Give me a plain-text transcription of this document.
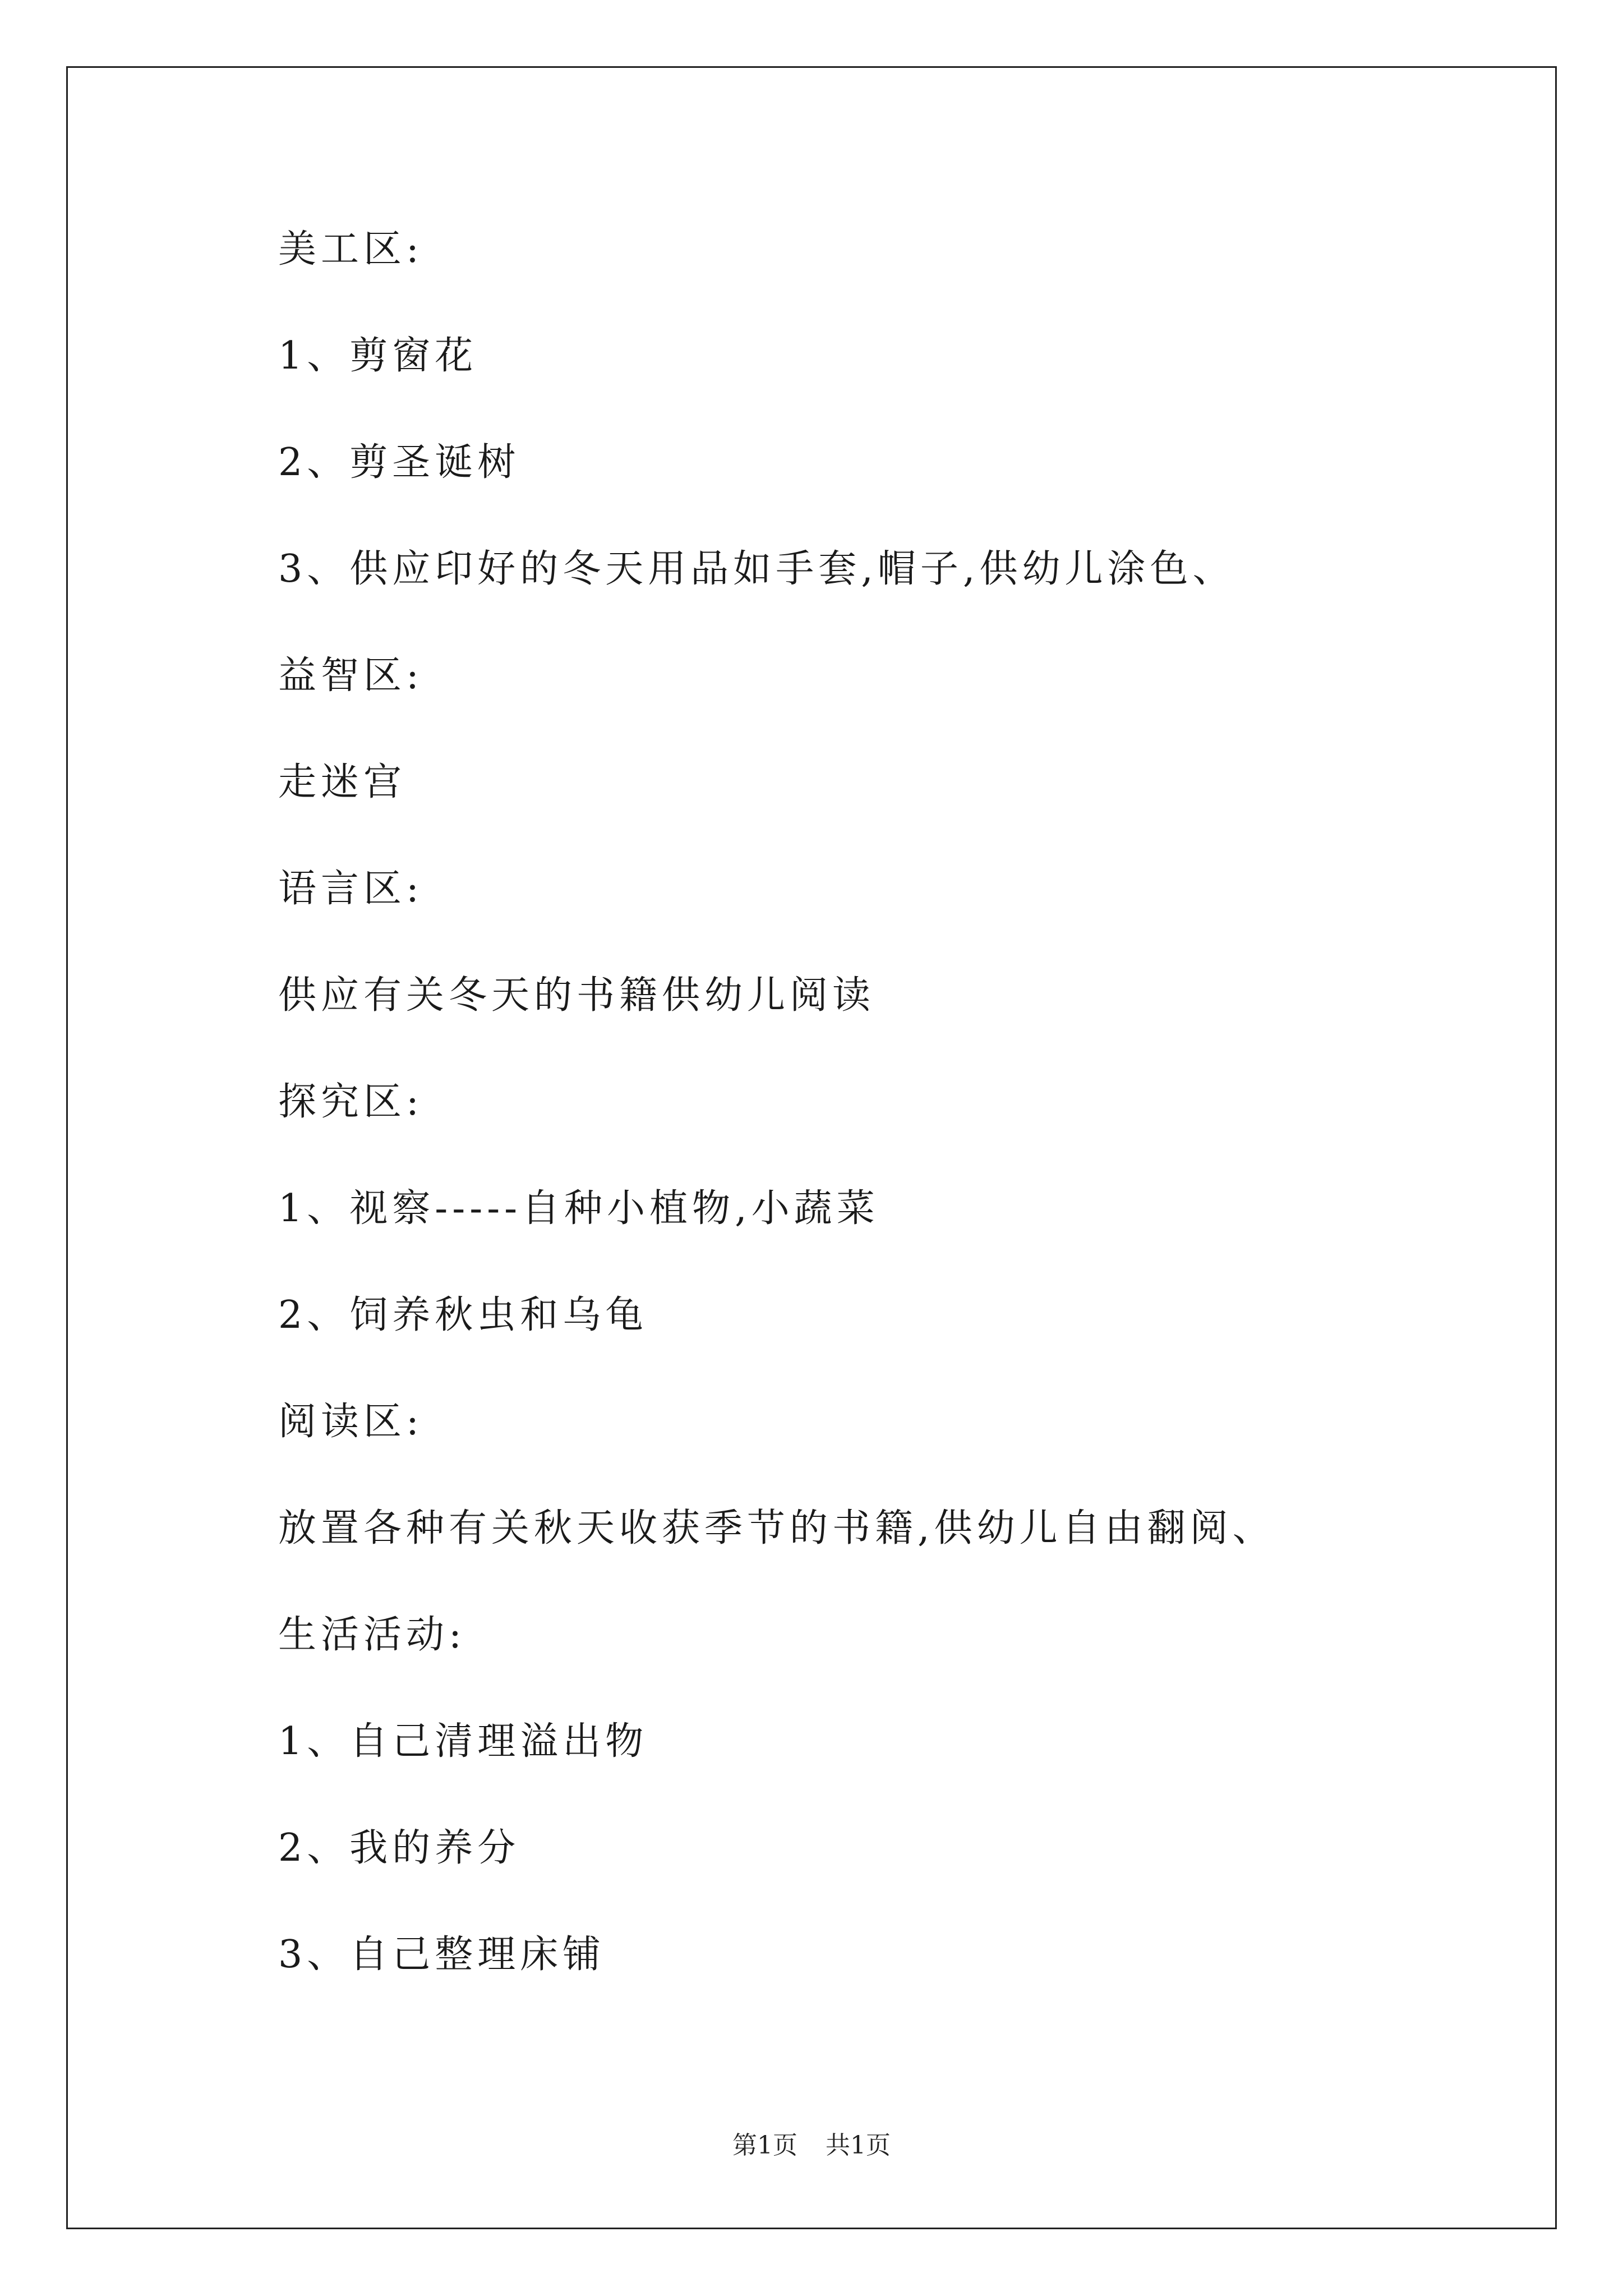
美工区:
1、剪窗花
2、剪圣诞树
3、供应印好的冬天用品如手套,帽子,供幼儿涂色、
益智区:
走迷宫
语言区:
供应有关冬天的书籍供幼儿阅读
探究区:
1、视察-----自种小植物,小蔬菜
2、饲养秋虫和乌龟
阅读区:
放置各种有关秋天收获季节的书籍,供幼儿自由翻阅、
生活活动:
1、自己清理溢出物
2、我的养分
3、自己整理床铺
第1页 共1页
